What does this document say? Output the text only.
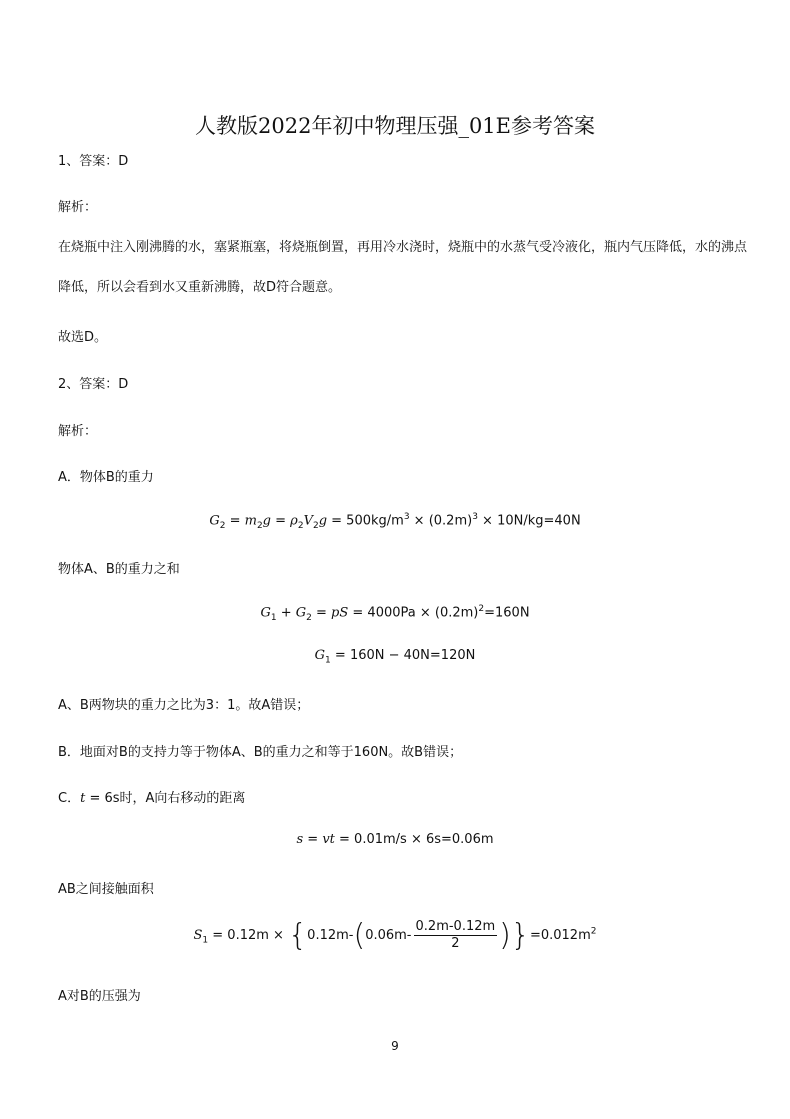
人教版2022年初中物理压强_01E参考答案
1、答案：D
解析：
在烧瓶中注入刚沸腾的水，塞紧瓶塞，将烧瓶倒置，再用冷水浇时，烧瓶中的水蒸气受冷液化，瓶内气压降低，水的沸点降低，所以会看到水又重新沸腾，故D符合题意。
故选D。
2、答案：D
解析：
A．物体B的重力
$G_2 = m_2g = \rho_2V_2g = 500kg/m^3 \times (0.2m)^3 \times 10N/kg=40N$
物体A、B的重力之和
$G_1 + G_2$ = pS = $4000Pa \times (0.2m)^2=160N$
$G_1 = 160N - 40N=120N$
A、B两物块的重力之比为3：1。故A错误；
B．地面对B的支持力等于物体A、B的重力之和等于160N。故B错误；
C．t = 6s时，A向右移动的距离
s = vt = 0.01m/s × 6s=0.06m
AB之间接触面积
$S_1 = 0.12m \times \{0.12m-(0.06m- \frac{0.2m-0.12m}{2} )\}=0.012m^2$
A对B的压强为
9
